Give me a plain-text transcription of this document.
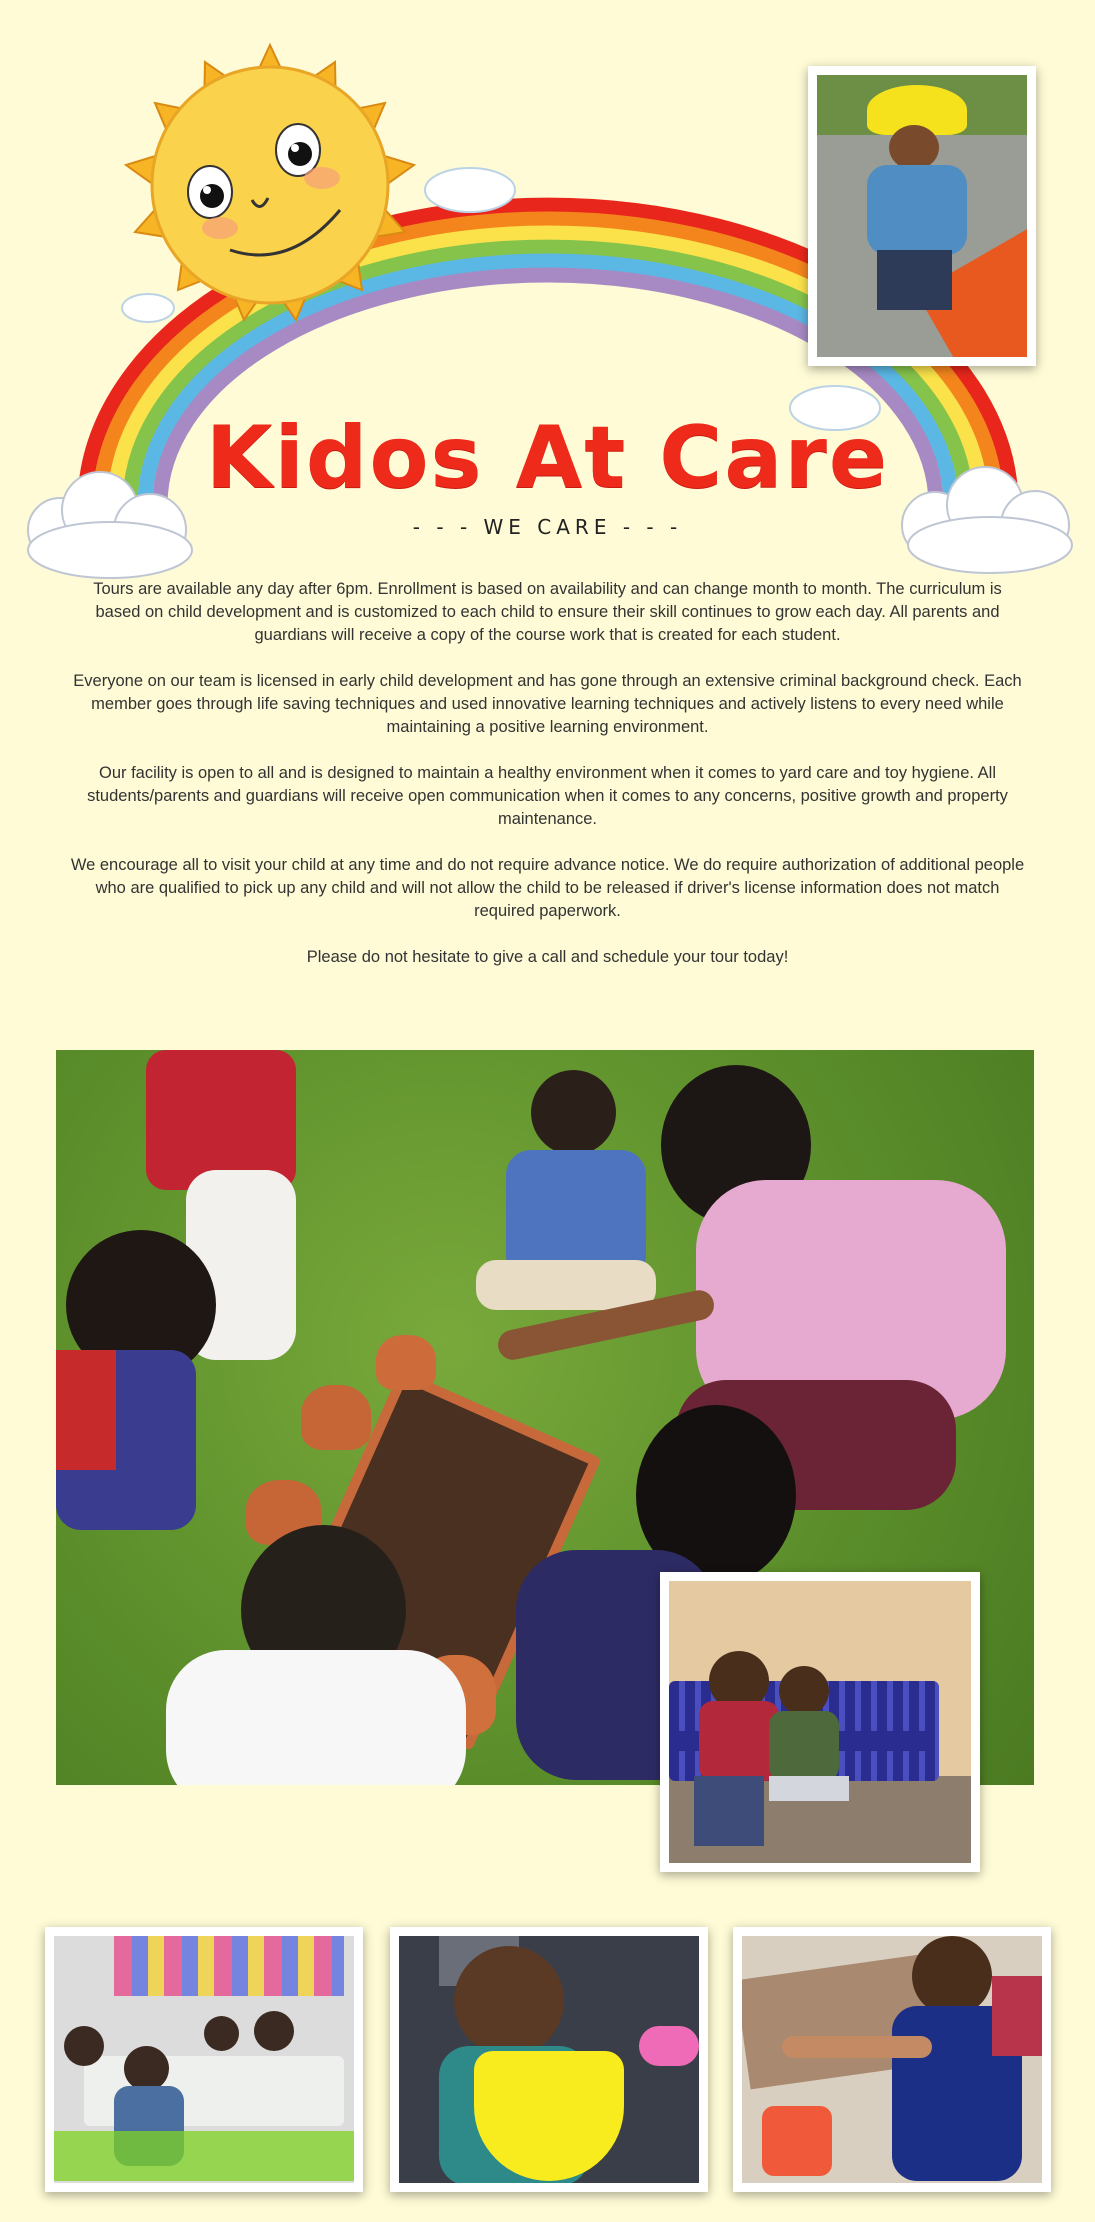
Kidos At Care
- - - WE CARE - - -

Tours are available any day after 6pm. Enrollment is based on availability and can change month to month. The curriculum is based on child development and is customized to each child to ensure their skill continues to grow each day. All parents and guardians will receive a copy of the course work that is created for each student.

Everyone on our team is licensed in early child development and has gone through an extensive criminal background check. Each member goes through life saving techniques and used innovative learning techniques and actively listens to every need while maintaining a positive learning environment.

Our facility is open to all and is designed to maintain a healthy environment when it comes to yard care and toy hygiene. All students/parents and guardians will receive open communication when it comes to any concerns, positive growth and property maintenance.

We encourage all to visit your child at any time and do not require advance notice. We do require authorization of additional people who are qualified to pick up any child and will not allow the child to be released if driver's license information does not match required paperwork.

Please do not hesitate to give a call and schedule your tour today!
